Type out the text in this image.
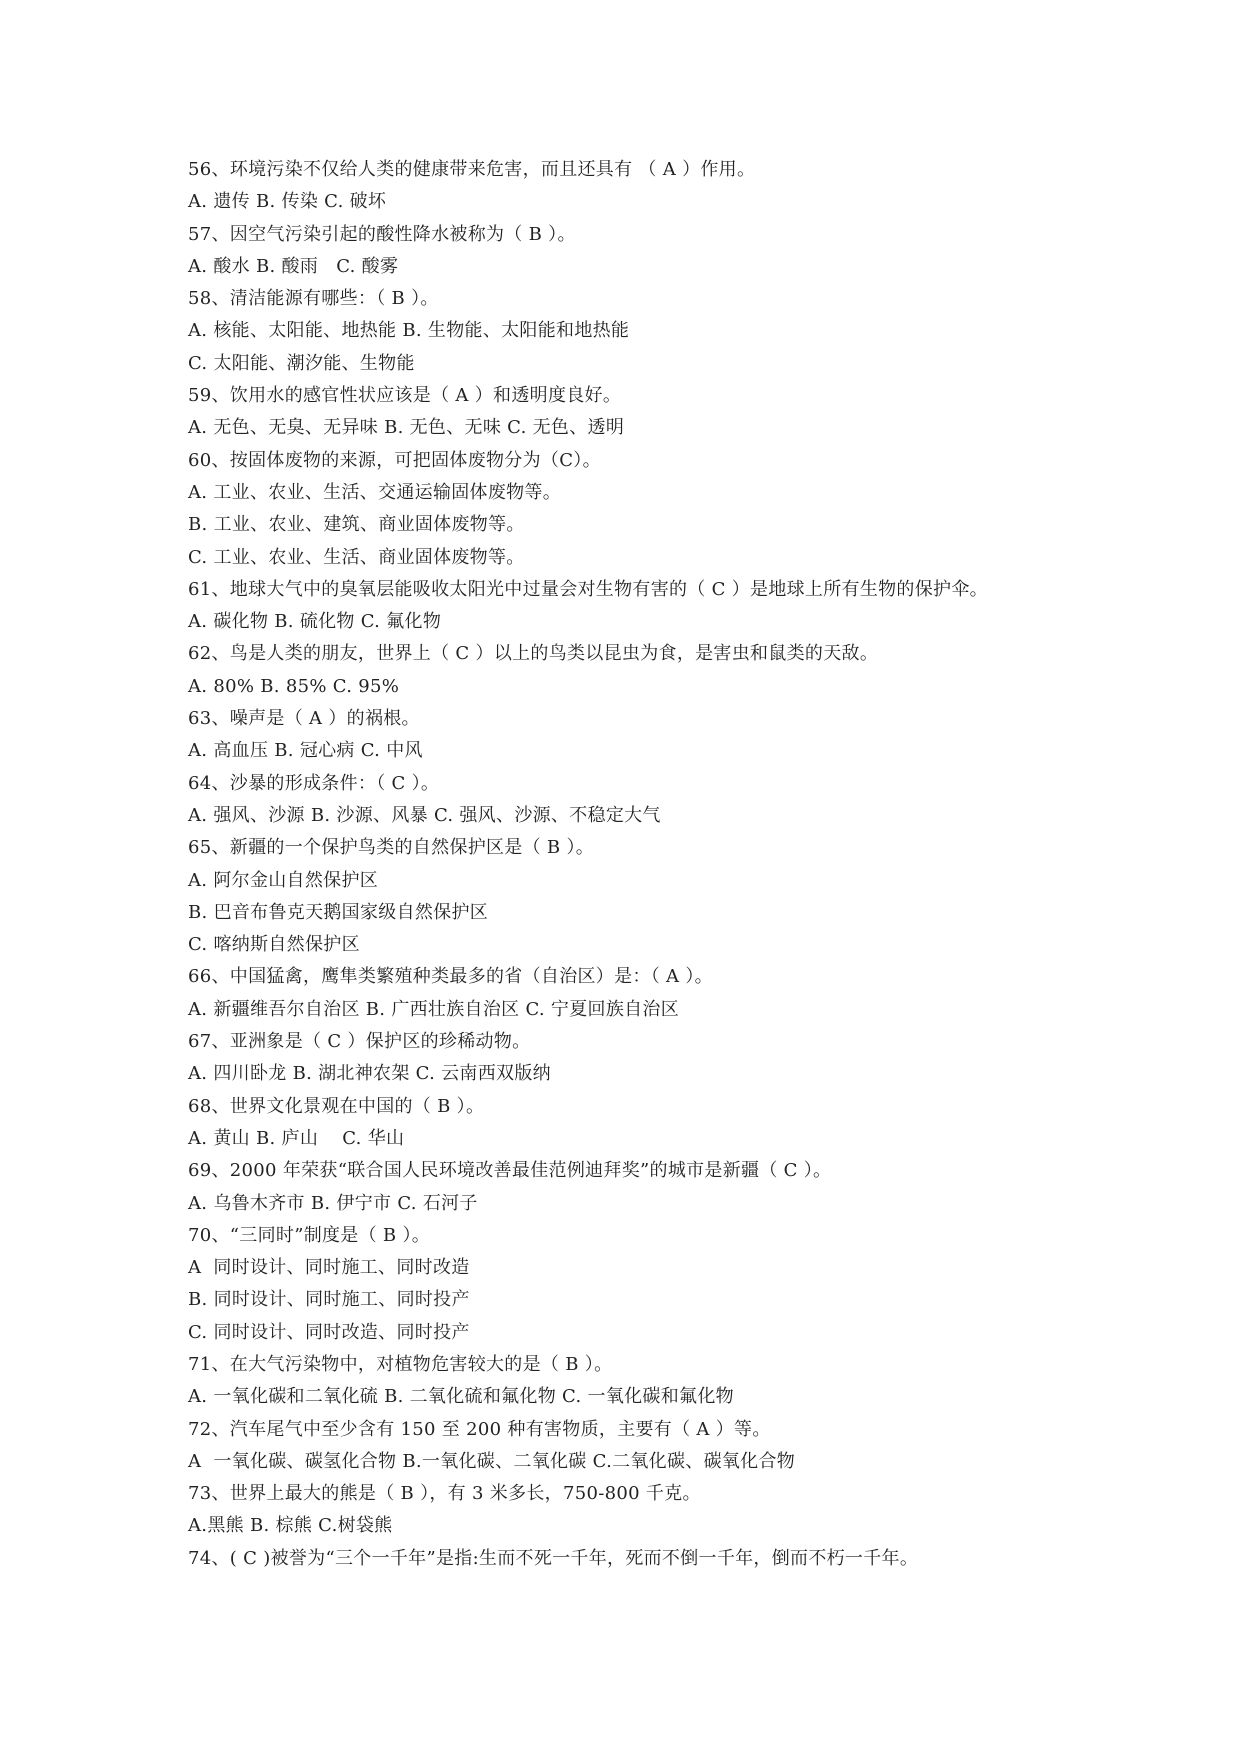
56、环境污染不仅给人类的健康带来危害，而且还具有 （ A ）作用。
A. 遗传 B. 传染 C. 破坏
57、因空气污染引起的酸性降水被称为（ B ）。
A. 酸水 B. 酸雨   C. 酸雾
58、清洁能源有哪些：（ B ）。
A. 核能、太阳能、地热能 B. 生物能、太阳能和地热能
C. 太阳能、潮汐能、生物能
59、饮用水的感官性状应该是（ A ）和透明度良好。
A. 无色、无臭、无异味 B. 无色、无味 C. 无色、透明
60、按固体废物的来源，可把固体废物分为（C）。
A. 工业、农业、生活、交通运输固体废物等。
B. 工业、农业、建筑、商业固体废物等。
C. 工业、农业、生活、商业固体废物等。
61、地球大气中的臭氧层能吸收太阳光中过量会对生物有害的（ C ）是地球上所有生物的保护伞。
A. 碳化物 B. 硫化物 C. 氟化物
62、鸟是人类的朋友，世界上（ C ）以上的鸟类以昆虫为食，是害虫和鼠类的天敌。
A. 80% B. 85% C. 95%
63、噪声是（ A ）的祸根。
A. 高血压 B. 冠心病 C. 中风
64、沙暴的形成条件：（ C ）。
A. 强风、沙源 B. 沙源、风暴 C. 强风、沙源、不稳定大气
65、新疆的一个保护鸟类的自然保护区是（ B ）。
A. 阿尔金山自然保护区
B. 巴音布鲁克天鹅国家级自然保护区
C. 喀纳斯自然保护区
66、中国猛禽，鹰隼类繁殖种类最多的省（自治区）是：（ A ）。
A. 新疆维吾尔自治区 B. 广西壮族自治区 C. 宁夏回族自治区
67、亚洲象是（ C ）保护区的珍稀动物。
A. 四川卧龙 B. 湖北神农架 C. 云南西双版纳
68、世界文化景观在中国的（ B ）。
A. 黄山 B. 庐山    C. 华山
69、2000 年荣获“联合国人民环境改善最佳范例迪拜奖”的城市是新疆（ C ）。
A. 乌鲁木齐市 B. 伊宁市 C. 石河子
70、“三同时”制度是（ B ）。
A  同时设计、同时施工、同时改造
B. 同时设计、同时施工、同时投产
C. 同时设计、同时改造、同时投产
71、在大气污染物中，对植物危害较大的是（ B ）。
A. 一氧化碳和二氧化硫 B. 二氧化硫和氟化物 C. 一氧化碳和氟化物
72、汽车尾气中至少含有 150 至 200 种有害物质，主要有（ A ）等。
A  一氧化碳、碳氢化合物 B.一氧化碳、二氧化碳 C.二氧化碳、碳氧化合物
73、世界上最大的熊是（ B ），有 3 米多长，750-800 千克。
A.黑熊 B. 棕熊 C.树袋熊
74、( C )被誉为“三个一千年”是指:生而不死一千年，死而不倒一千年，倒而不朽一千年。
